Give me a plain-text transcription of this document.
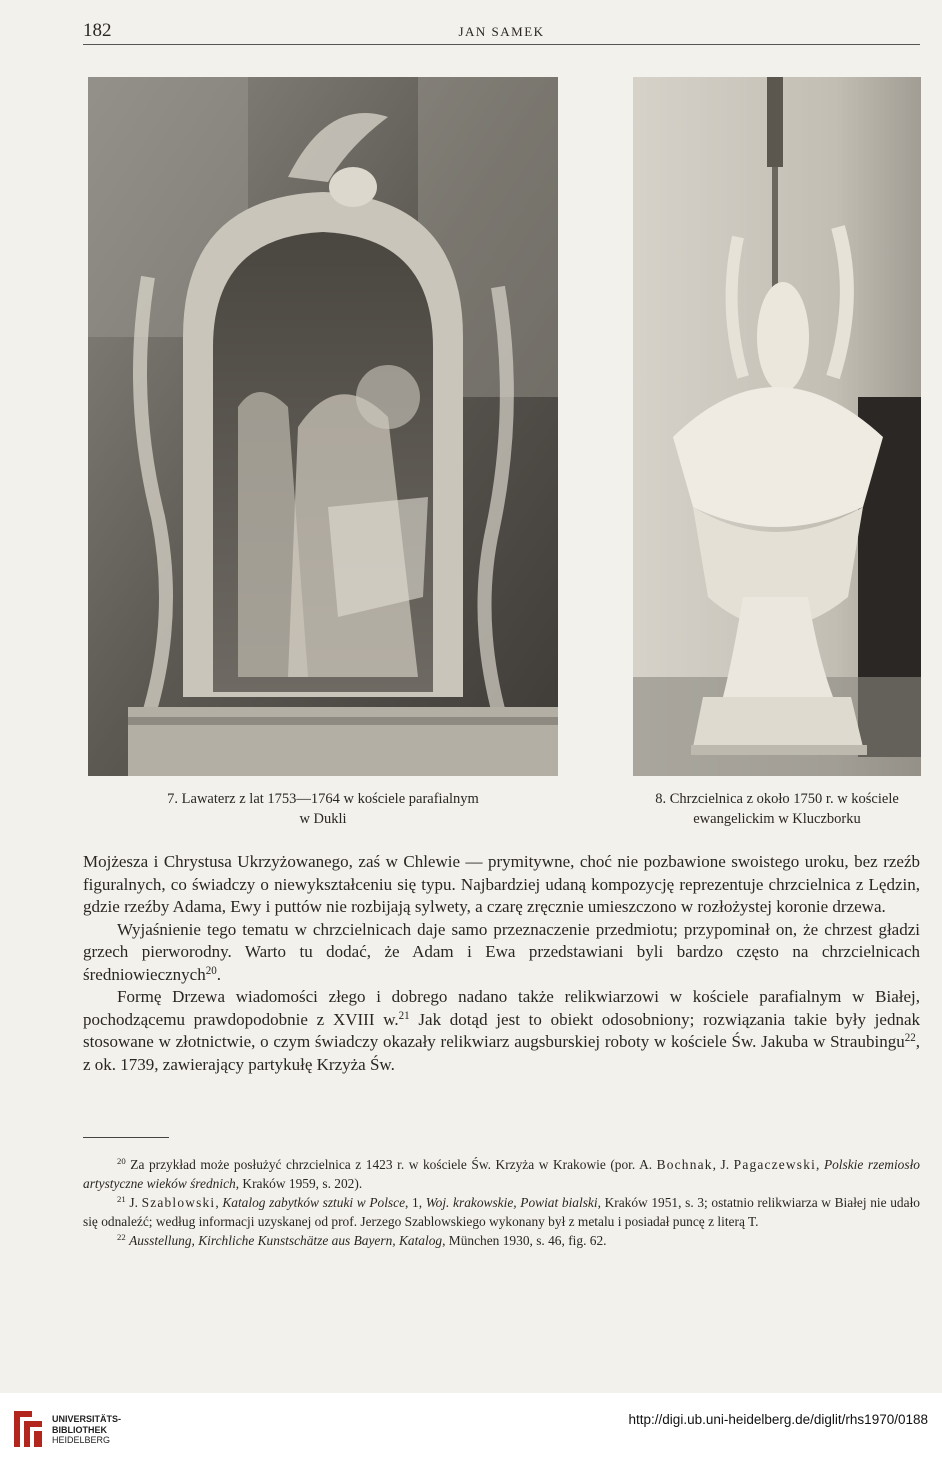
182	JAN SAMEK
7. Lawaterz z lat 1753—1764 w kościele parafialnym
w Dukli
8. Chrzcielnica z około 1750 r. w kościele
ewangelickim w Kluczborku

Mojżesza i Chrystusa Ukrzyżowanego, zaś w Chlewie — prymitywne, choć nie pozbawione swoistego uroku, bez rzeźb figuralnych, co świadczy o niewykształceniu się typu. Najbardziej udaną kompozycję reprezentuje chrzcielnica z Lędzin, gdzie rzeźby Adama, Ewy i puttów nie rozbijają sylwety, a czarę zręcznie umieszczono w rozłożystej koronie drzewa.

Wyjaśnienie tego tematu w chrzcielnicach daje samo przeznaczenie przedmiotu; przypominał on, że chrzest gładzi grzech pierworodny. Warto tu dodać, że Adam i Ewa przedstawiani byli bardzo często na chrzcielnicach średniowiecznych$^{20}$.

Formę Drzewa wiadomości złego i dobrego nadano także relikwiarzowi w kościele parafialnym w Białej, pochodzącemu prawdopodobnie z XVIII w.$^{21}$ Jak dotąd jest to obiekt odosobniony; rozwiązania takie były jednak stosowane w złotnictwie, o czym świadczy okazały relikwiarz augsburskiej roboty w kościele Św. Jakuba w Straubingu$^{22}$, z ok. 1739, zawierający partykułę Krzyża Św.

$^{20}$ Za przykład może posłużyć chrzcielnica z 1423 r. w kościele Św. Krzyża w Krakowie (por. A. Bochnak, J. Pagaczewski, Polskie rzemiosło artystyczne wieków średnich, Kraków 1959, s. 202).

$^{21}$ J. Szablowski, Katalog zabytków sztuki w Polsce, 1, Woj. krakowskie, Powiat bialski, Kraków 1951, s. 3; ostatnio relikwiarza w Białej nie udało się odnaleźć; według informacji uzyskanej od prof. Jerzego Szablowskiego wykonany był z metalu i posiadał puncę z literą T.

$^{22}$ Ausstellung, Kirchliche Kunstschätze aus Bayern, Katalog, München 1930, s. 46, fig. 62.

UNIVERSITÄTS-
BIBLIOTHEK
HEIDELBERG
http://digi.ub.uni-heidelberg.de/diglit/rhs1970/0188
